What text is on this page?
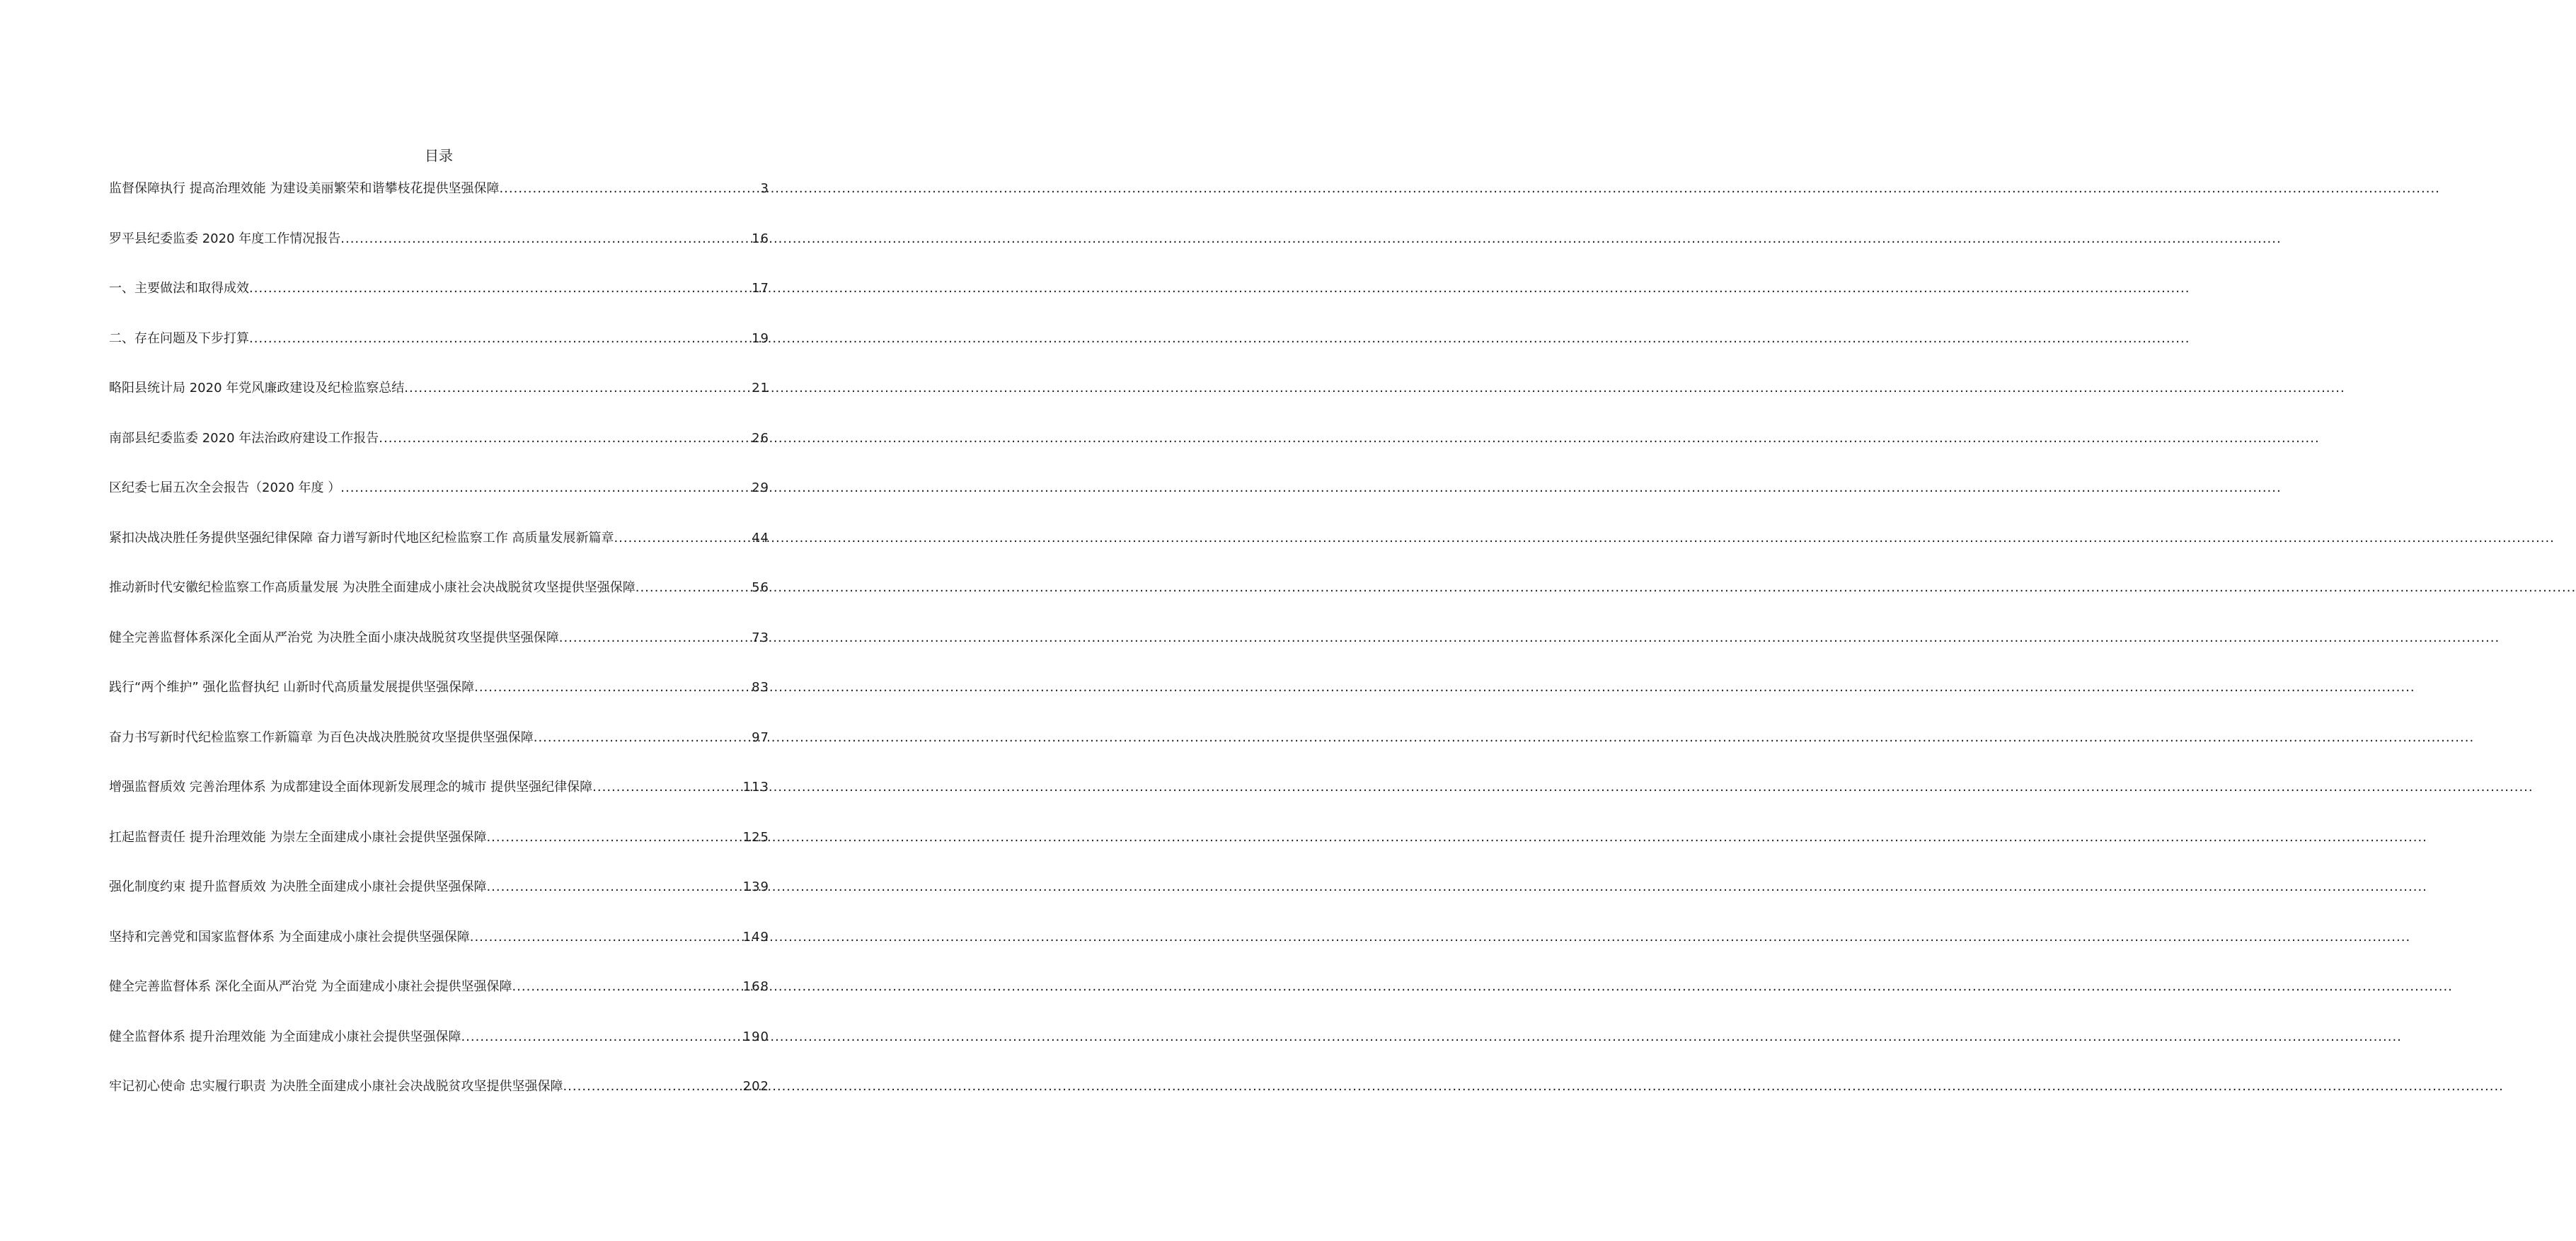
目录
监督保障执行 提高治理效能 为建设美丽繁荣和谐攀枝花提供坚强保障 .....	3
罗平县纪委监委 2020 年度工作情况报告 .....	16
一、主要做法和取得成效 .....	17
二、存在问题及下步打算 .....	19
略阳县统计局 2020 年党风廉政建设及纪检监察总结 .....	21
南部县纪委监委 2020 年法治政府建设工作报告 .....	26
区纪委七届五次全会报告（2020 年度 ） .....	29
紧扣决战决胜任务提供坚强纪律保障 奋力谱写新时代地区纪检监察工作 高质量发展新篇章 .....	44
推动新时代安徽纪检监察工作高质量发展 为决胜全面建成小康社会决战脱贫攻坚提供坚强保障 .....	56
健全完善监督体系深化全面从严治党 为决胜全面小康决战脱贫攻坚提供坚强保障 .....	73
践行“两个维护” 强化监督执纪 山新时代高质量发展提供坚强保障 .....	83
奋力书写新时代纪检监察工作新篇章 为百色决战决胜脱贫攻坚提供坚强保障 .....	97
增强监督质效 完善治理体系 为成都建设全面体现新发展理念的城市 提供坚强纪律保障 .....	113
扛起监督责任 提升治理效能 为崇左全面建成小康社会提供坚强保障 .....	125
强化制度约束 提升监督质效 为决胜全面建成小康社会提供坚强保障 .....	139
坚持和完善党和国家监督体系 为全面建成小康社会提供坚强保障 .....	149
健全完善监督体系 深化全面从严治党 为全面建成小康社会提供坚强保障 .....	168
健全监督体系 提升治理效能 为全面建成小康社会提供坚强保障 .....	190
牢记初心使命 忠实履行职责 为决胜全面建成小康社会决战脱贫攻坚提供坚强保障 .....	202
